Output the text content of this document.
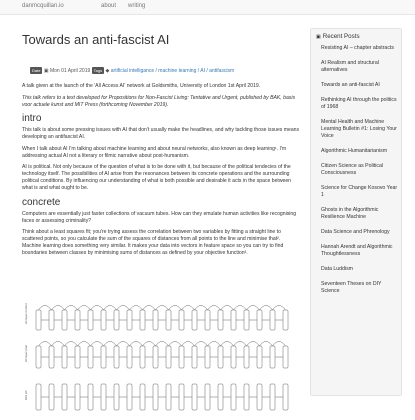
danmcquillan.io	about writing
Towards an anti-fascist AI
Date ▣ Mon 01 April 2019 Tags ◆ artificial intelligance / machine learning / AI / antifascism

A talk given at the launch of the 'All Access AI' network at Goldsmiths, University of London 1st April 2019.

This talk refers to a text developed for Propositions for Non-Fascist Living: Tentative and Urgent, published by BAK, basis voor actuele kunst and MIT Press (forthcoming November 2019).

intro

This talk is about some pressing issues with AI that don't usually make the headlines, and why tackling those issues means developing an antifascist AI.

When I talk about AI I'm talking about machine learning and about neural networks, also known as deep learning¹. I'm addressing actual AI not a literary or filmic narrative about post-humanism.

AI is political. Not only because of the question of what is to be done with it, but because of the political tendecies of the technology itself. The possibilities of AI arise from the resonances between its concrete operations and the surrounding political conditions. By influencing our understanding of what is both possible and desirable it acts in the space between what is and what ought to be.

concrete

Computers are essentially just faster collections of vacuum tubes. How can they emulate human activities like recognising faces or assessing criminality?

Think about a least squares fit; you're trying assess the correlation between two variables by fitting a straight line to scattered points, so you calculate the sum of the squares of distances from all points to the line and minimise that². Machine learning does something very similar. It makes your data into vectors in feature space so you can try to find boundaries between classes by minimising sums of distances as defined by your objective function³.

2d layer nnnnet
2d layer plan
GIS 2d
▣ Recent Posts
Resisting AI – chapter abstracts
AI Realism and structural alternatives
Towards an anti-fascist AI
Rethinking AI through the politics of 1968
Mental Health and Machine Learning Bulletin #1: Losing Your Voice
Algorithmic Humanitarianism
Citizen Science as Political Consciousness
Science for Change Kosovo Year 1
Ghosts in the Algorithmic Resilience Machine
Data Science and Phrenology
Hannah Arendt and Algorithmic Thoughtlessness
Data Luddism
Seventeen Theses on DIY Science
